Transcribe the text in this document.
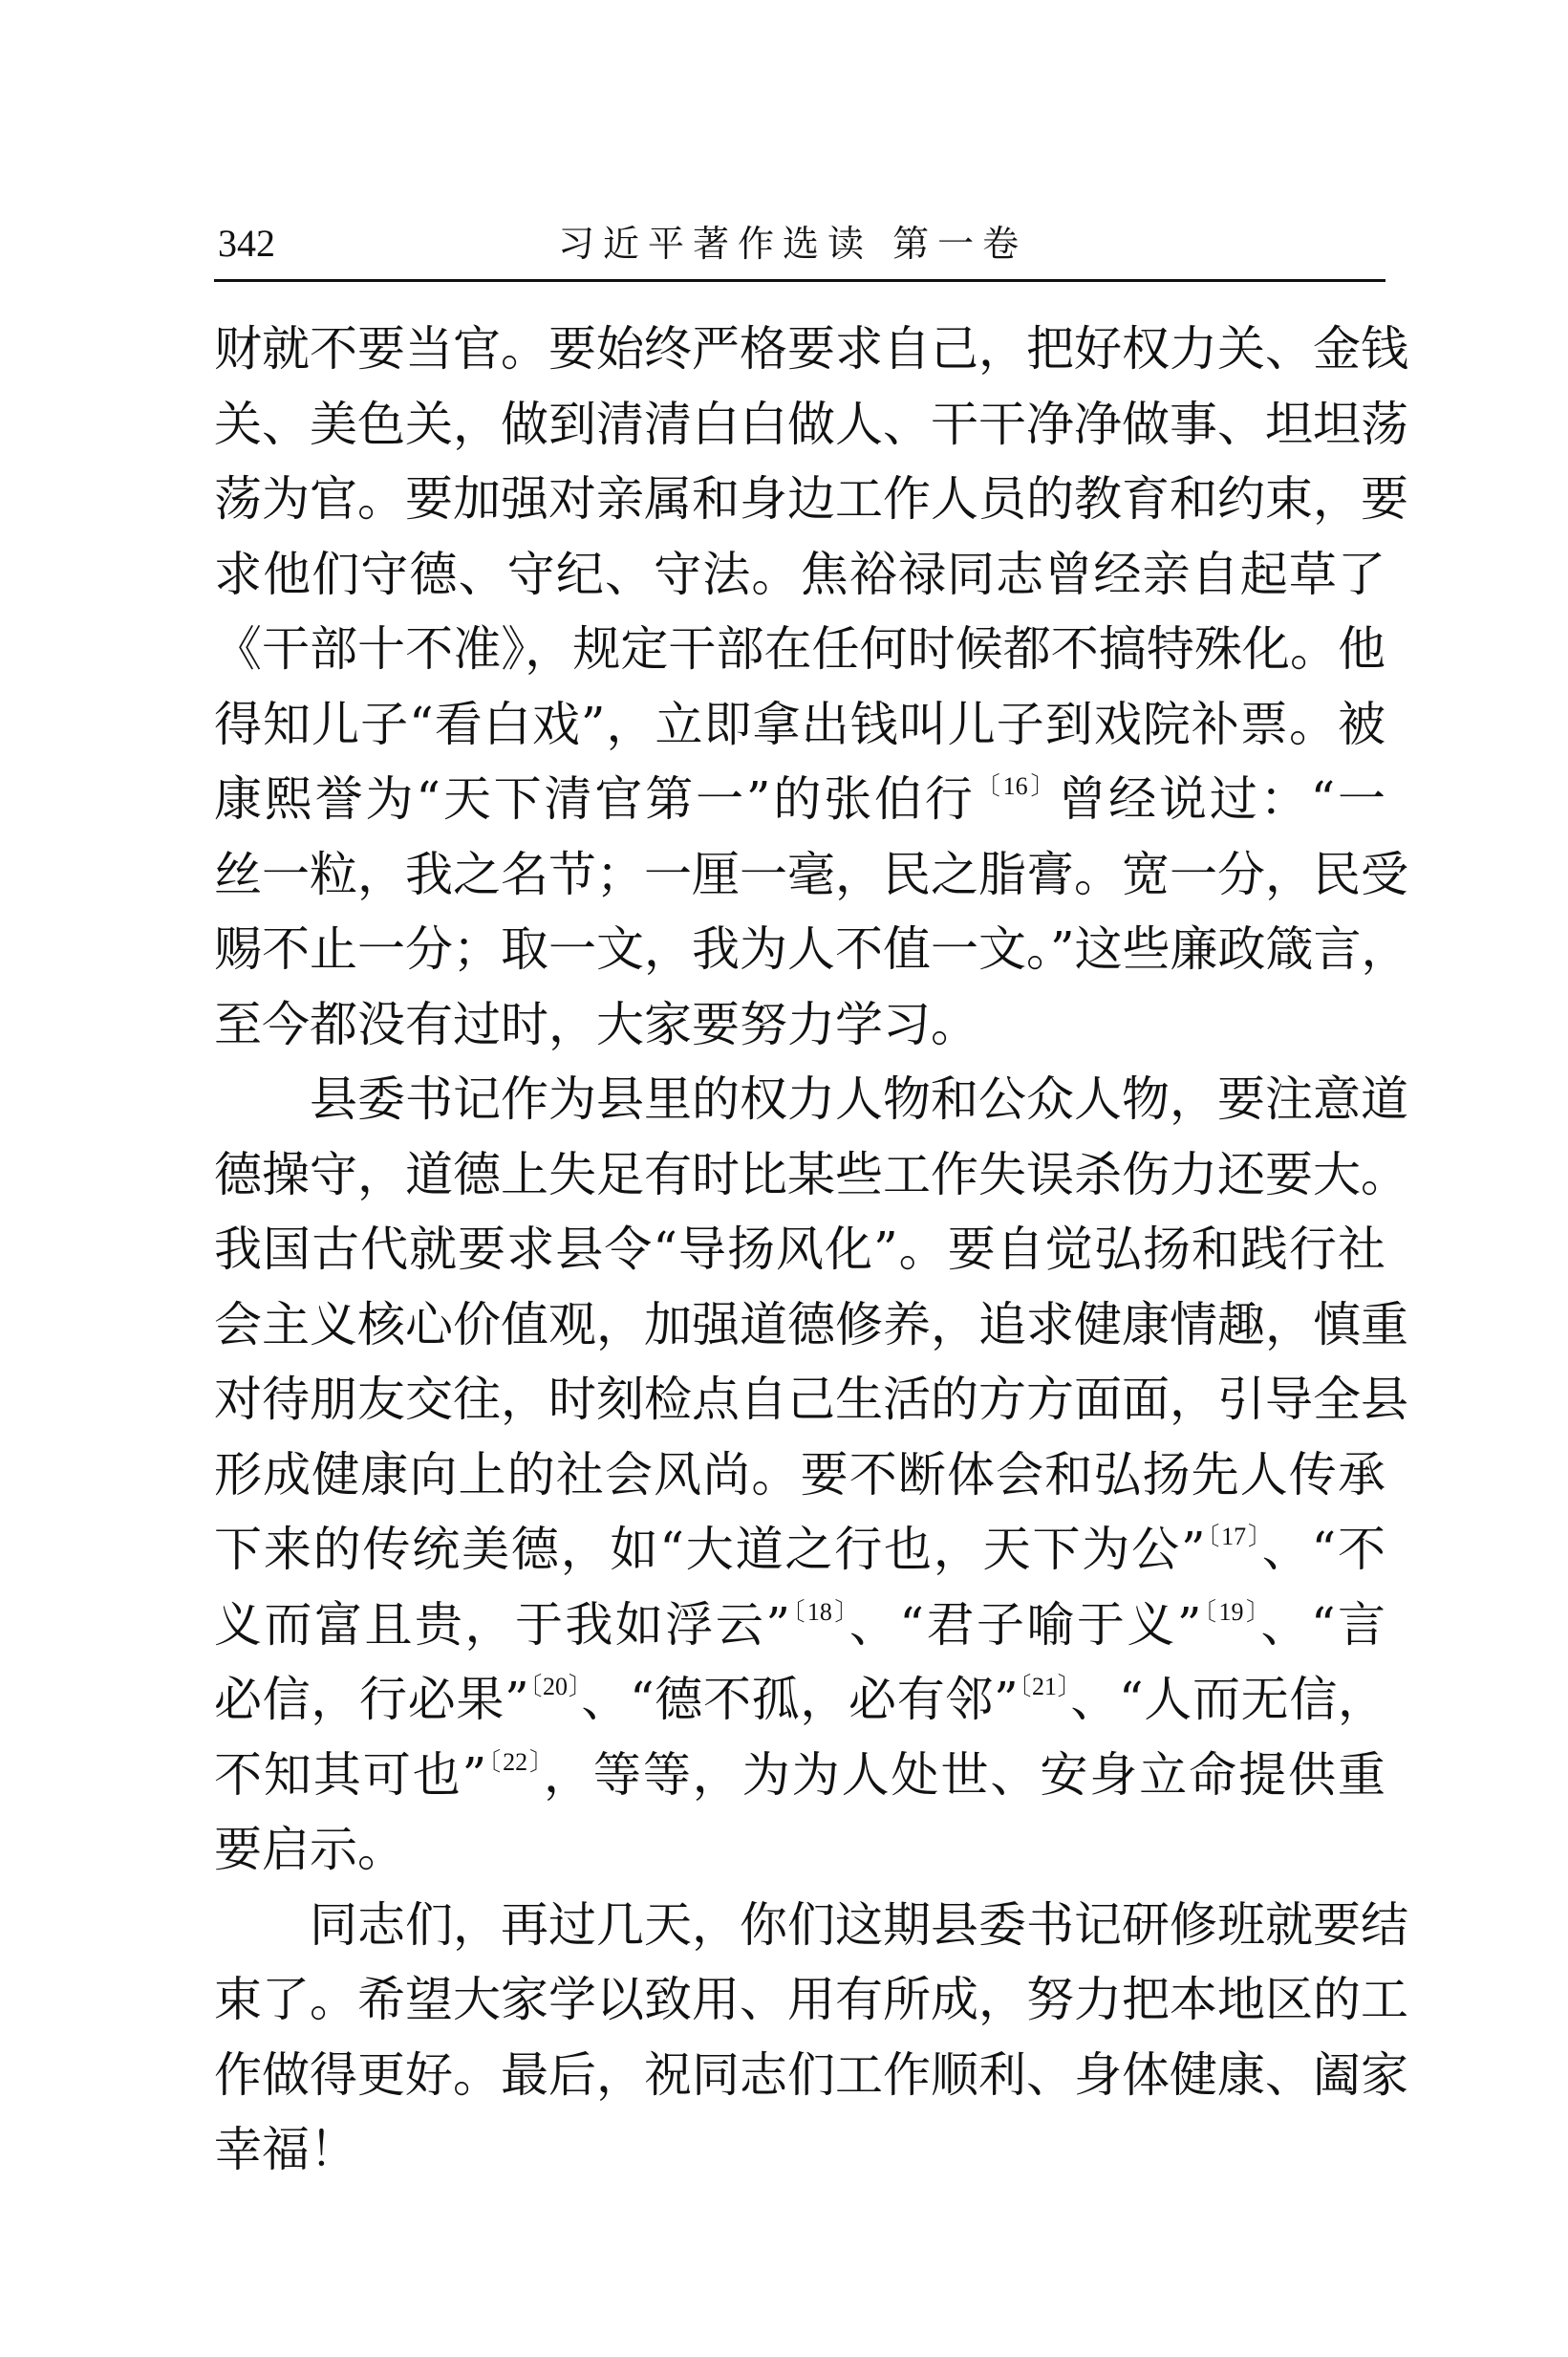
342	习近平著作选读 第一卷
财就不要当官。要始终严格要求自己，把好权力关、金钱
关、美色关，做到清清白白做人、干干净净做事、坦坦荡
荡为官。要加强对亲属和身边工作人员的教育和约束，要
求他们守德、守纪、守法。焦裕禄同志曾经亲自起草了
《干部十不准》，规定干部在任何时候都不搞特殊化。他
得知儿子“看白戏”，立即拿出钱叫儿子到戏院补票。被
康熙誉为“天下清官第一”的张伯行$^{〔16〕}$曾经说过：“一
丝一粒，我之名节；一厘一毫，民之脂膏。宽一分，民受
赐不止一分；取一文，我为人不值一文。”这些廉政箴言，
至今都没有过时，大家要努力学习。
县委书记作为县里的权力人物和公众人物，要注意道
德操守，道德上失足有时比某些工作失误杀伤力还要大。
我国古代就要求县令“导扬风化”。要自觉弘扬和践行社
会主义核心价值观，加强道德修养，追求健康情趣，慎重
对待朋友交往，时刻检点自己生活的方方面面，引导全县
形成健康向上的社会风尚。要不断体会和弘扬先人传承
下来的传统美德，如“大道之行也，天下为公”$^{〔17〕}$、“不
义而富且贵，于我如浮云”$^{〔18〕}$、“君子喻于义”$^{〔19〕}$、“言
必信，行必果”$^{〔20〕}$、“德不孤，必有邻”$^{〔21〕}$、“人而无信，
不知其可也”$^{〔22〕}$，等等，为为人处世、安身立命提供重
要启示。
同志们，再过几天，你们这期县委书记研修班就要结
束了。希望大家学以致用、用有所成，努力把本地区的工
作做得更好。最后，祝同志们工作顺利、身体健康、阖家
幸福！
